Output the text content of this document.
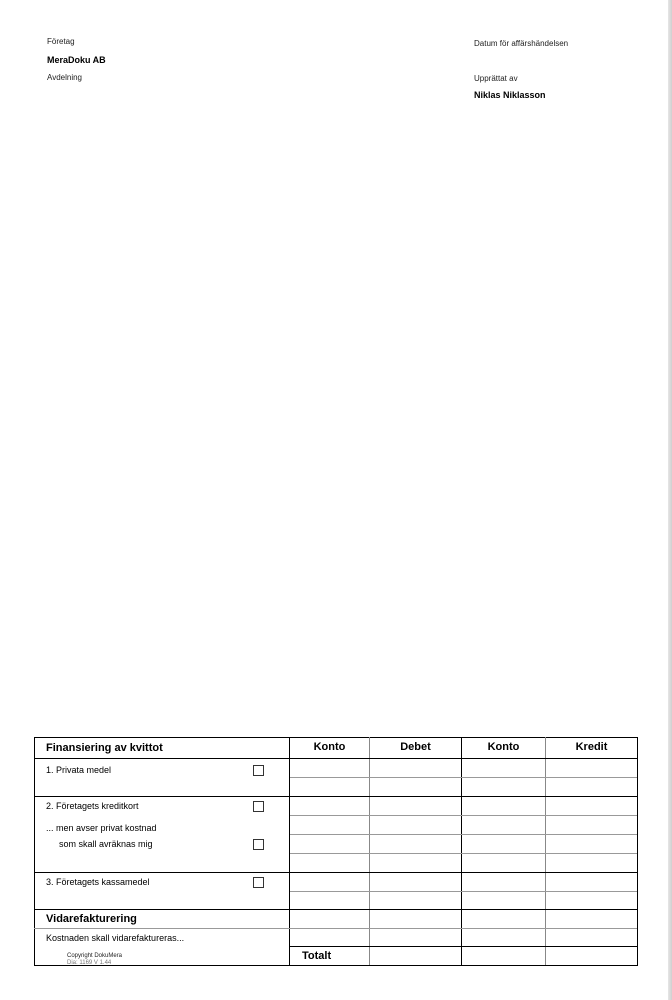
Företag
MeraDoku AB
Avdelning
Datum för affärshändelsen
Upprättat av
Niklas Niklasson
Finansiering av kvittot	Konto	Debet	Konto	Kredit
1. Privata medel
2. Företagets kreditkort
... men avser privat kostnad
som skall avräknas mig
3. Företagets kassamedel
Vidarefakturering
Kostnaden skall vidarefaktureras...
Copyright DokuMera
Dia: 1169 V 1.44
Totalt
